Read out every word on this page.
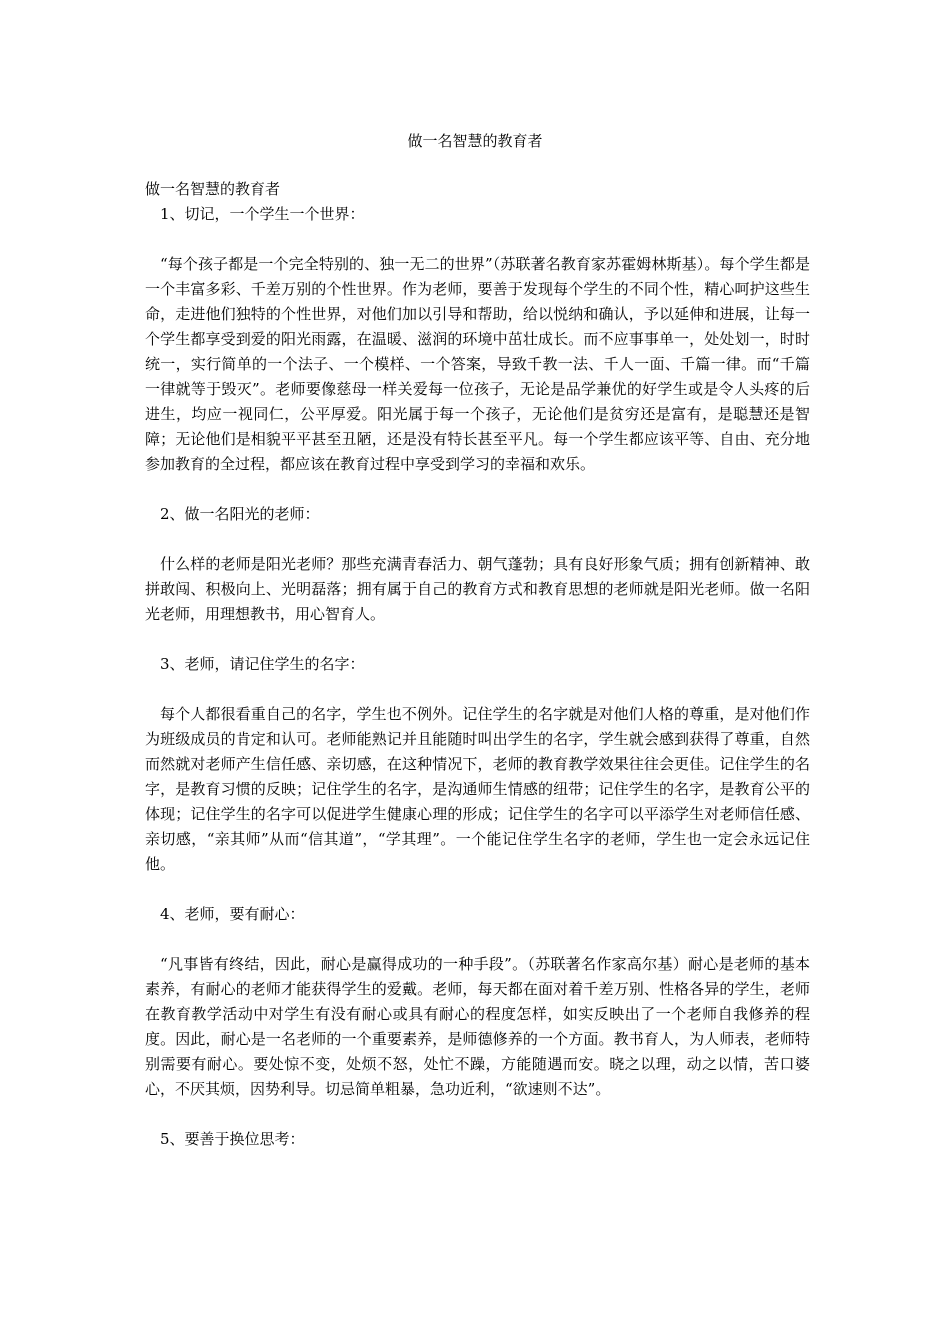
做一名智慧的教育者

做一名智慧的教育者

1、切记，一个学生一个世界：

“每个孩子都是一个完全特别的、独一无二的世界”（苏联著名教育家苏霍姆林斯基）。每个学生都是一个丰富多彩、千差万别的个性世界。作为老师，要善于发现每个学生的不同个性，精心呵护这些生命，走进他们独特的个性世界，对他们加以引导和帮助，给以悦纳和确认，予以延伸和进展，让每一个学生都享受到爱的阳光雨露，在温暖、滋润的环境中茁壮成长。而不应事事单一，处处划一，时时统一，实行简单的一个法子、一个模样、一个答案，导致千教一法、千人一面、千篇一律。而“千篇一律就等于毁灭”。老师要像慈母一样关爱每一位孩子，无论是品学兼优的好学生或是令人头疼的后进生，均应一视同仁，公平厚爱。阳光属于每一个孩子，无论他们是贫穷还是富有，是聪慧还是智障；无论他们是相貌平平甚至丑陋，还是没有特长甚至平凡。每一个学生都应该平等、自由、充分地参加教育的全过程，都应该在教育过程中享受到学习的幸福和欢乐。

2、做一名阳光的老师：

什么样的老师是阳光老师？那些充满青春活力、朝气蓬勃；具有良好形象气质；拥有创新精神、敢拼敢闯、积极向上、光明磊落；拥有属于自己的教育方式和教育思想的老师就是阳光老师。做一名阳光老师，用理想教书，用心智育人。

3、老师，请记住学生的名字：

每个人都很看重自己的名字，学生也不例外。记住学生的名字就是对他们人格的尊重，是对他们作为班级成员的肯定和认可。老师能熟记并且能随时叫出学生的名字，学生就会感到获得了尊重，自然而然就对老师产生信任感、亲切感，在这种情况下，老师的教育教学效果往往会更佳。记住学生的名字，是教育习惯的反映；记住学生的名字，是沟通师生情感的纽带；记住学生的名字，是教育公平的体现；记住学生的名字可以促进学生健康心理的形成；记住学生的名字可以平添学生对老师信任感、亲切感，“亲其师”从而“信其道”，“学其理”。一个能记住学生名字的老师，学生也一定会永远记住他。

4、老师，要有耐心：

“凡事皆有终结，因此，耐心是赢得成功的一种手段”。（苏联著名作家高尔基）耐心是老师的基本素养，有耐心的老师才能获得学生的爱戴。老师，每天都在面对着千差万别、性格各异的学生，老师在教育教学活动中对学生有没有耐心或具有耐心的程度怎样，如实反映出了一个老师自我修养的程度。因此，耐心是一名老师的一个重要素养，是师德修养的一个方面。教书育人，为人师表，老师特别需要有耐心。要处惊不变，处烦不怒，处忙不躁，方能随遇而安。晓之以理，动之以情，苦口婆心，不厌其烦，因势利导。切忌简单粗暴，急功近利，“欲速则不达”。

5、要善于换位思考：
